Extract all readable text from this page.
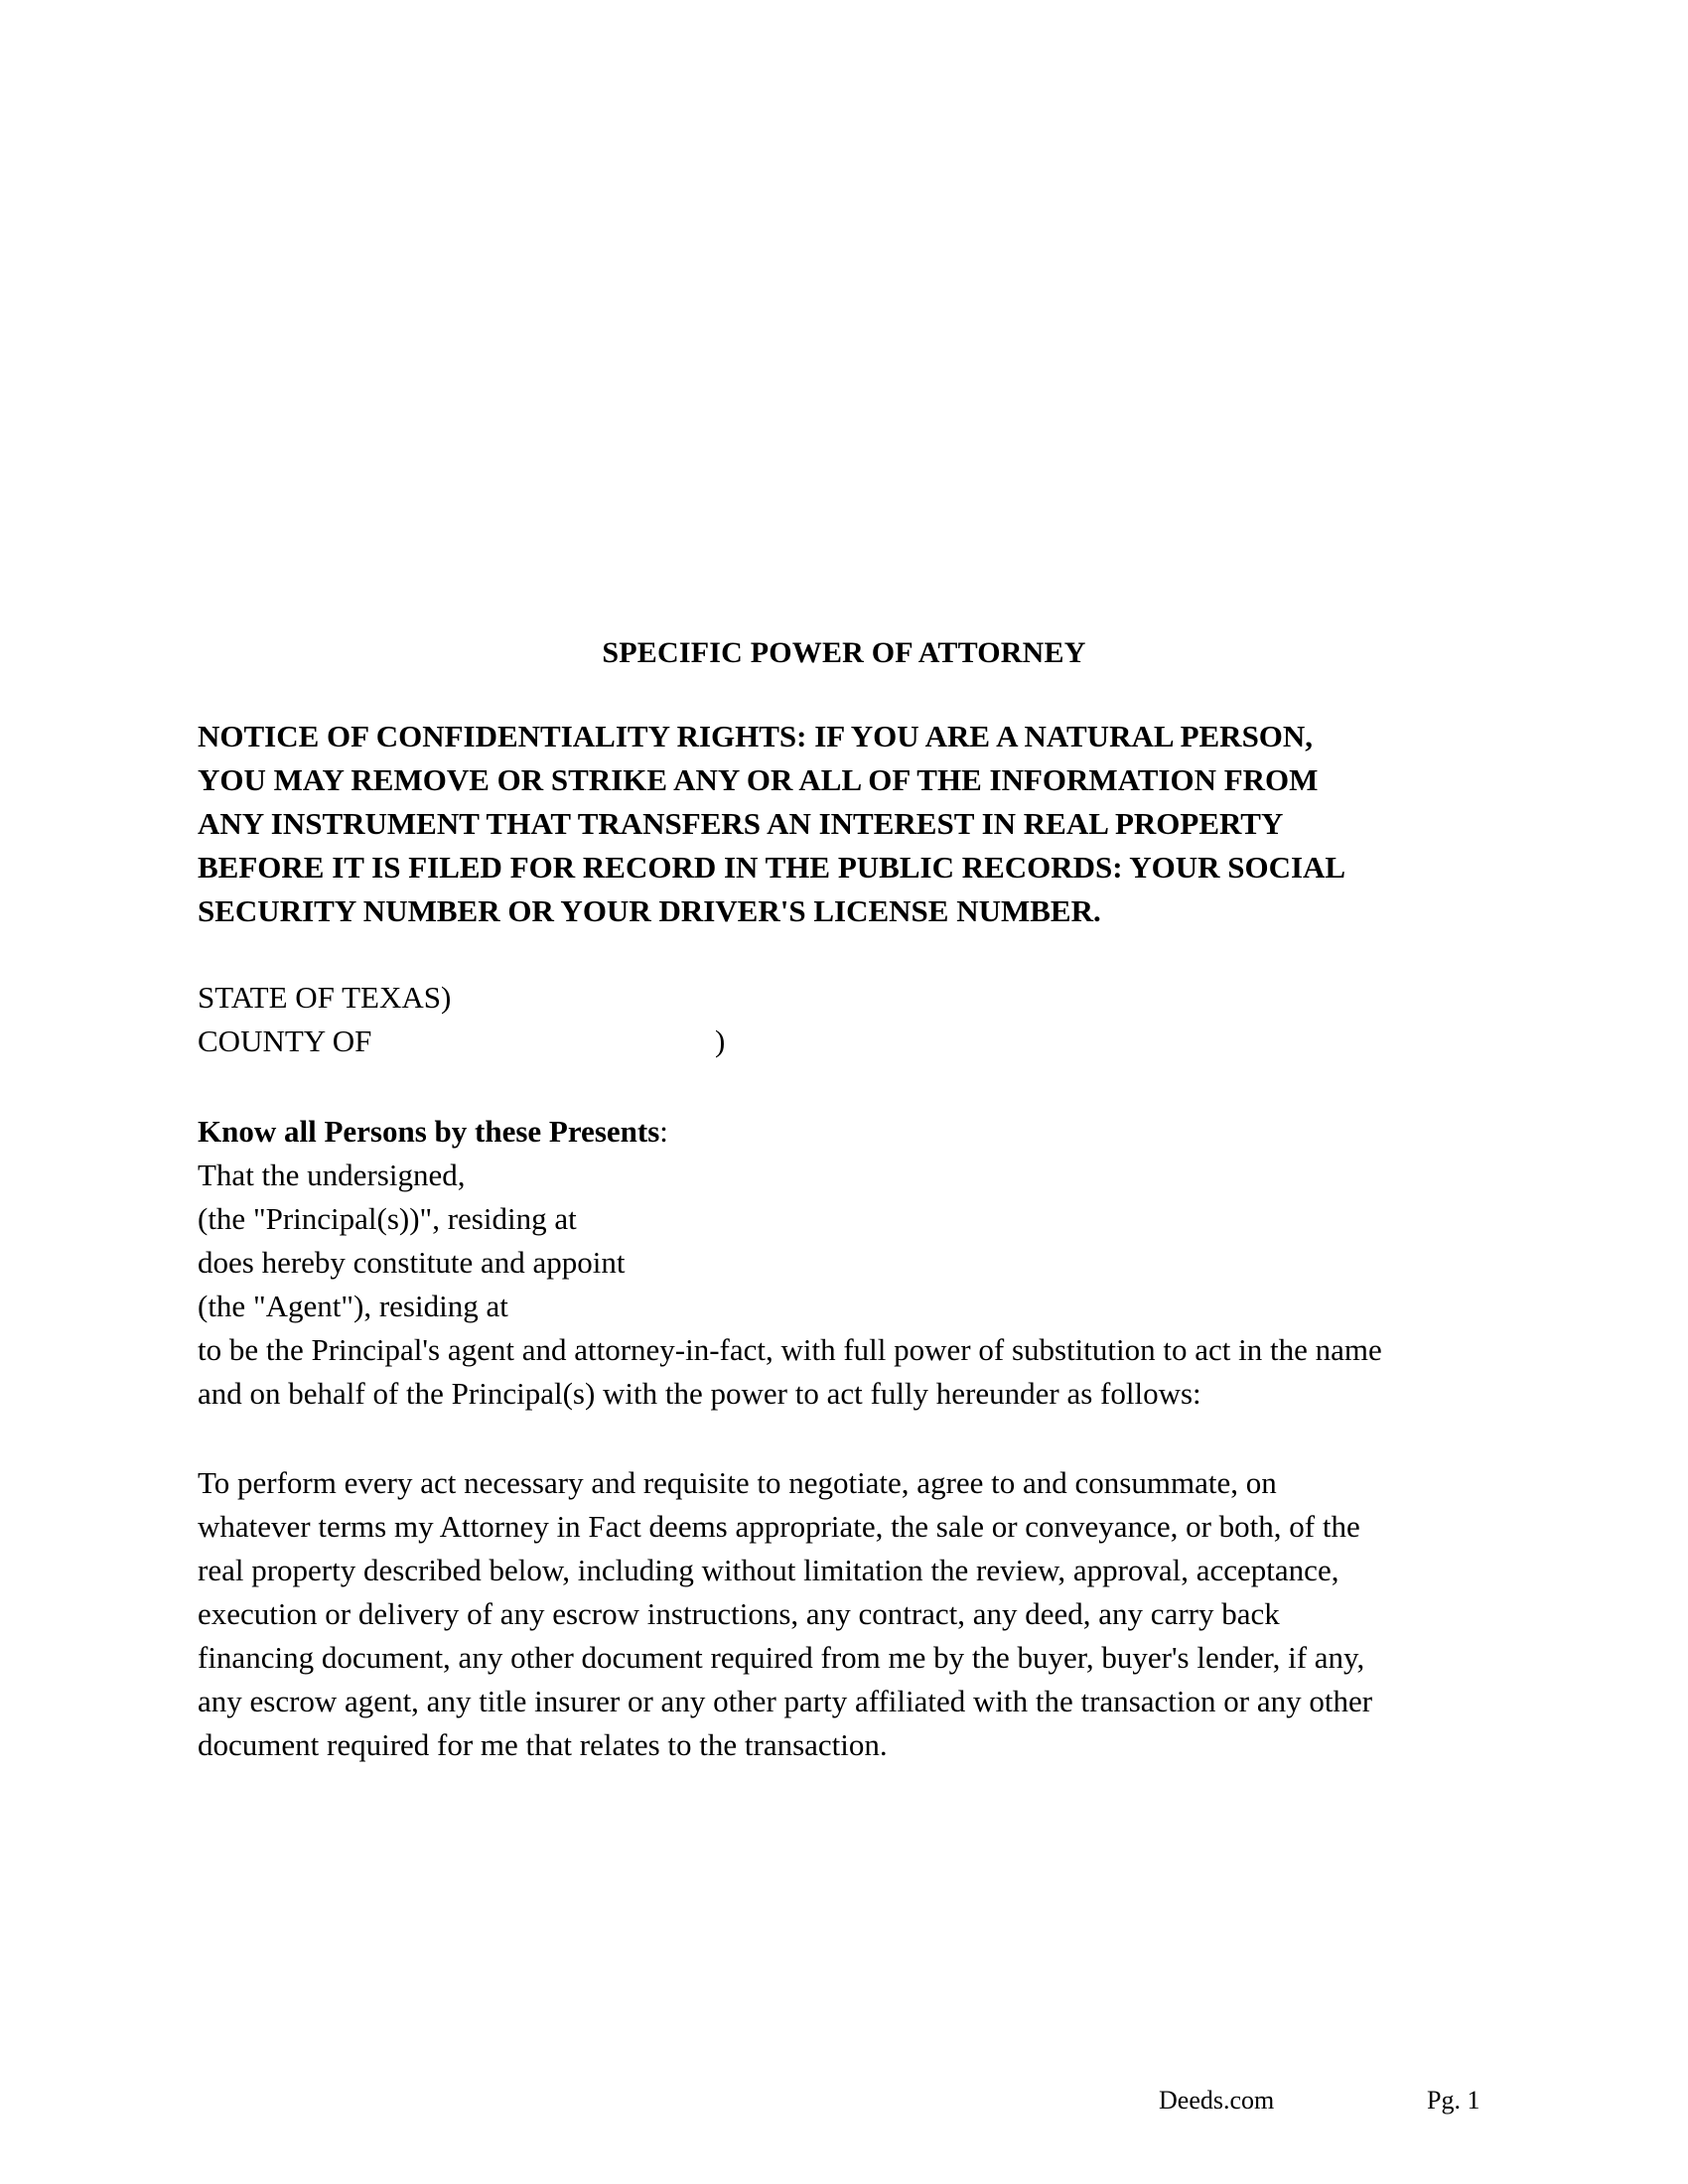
SPECIFIC POWER OF ATTORNEY
NOTICE OF CONFIDENTIALITY RIGHTS: IF YOU ARE A NATURAL PERSON,
YOU MAY REMOVE OR STRIKE ANY OR ALL OF THE INFORMATION FROM
ANY INSTRUMENT THAT TRANSFERS AN INTEREST IN REAL PROPERTY
BEFORE IT IS FILED FOR RECORD IN THE PUBLIC RECORDS: YOUR SOCIAL
SECURITY NUMBER OR YOUR DRIVER'S LICENSE NUMBER.
STATE OF TEXAS)
COUNTY OF	)
Know all Persons by these Presents:
That the undersigned,
(the "Principal(s))", residing at
does hereby constitute and appoint
(the "Agent"), residing at
to be the Principal's agent and attorney-in-fact, with full power of substitution to act in the name
and on behalf of the Principal(s) with the power to act fully hereunder as follows:
To perform every act necessary and requisite to negotiate, agree to and consummate, on
whatever terms my Attorney in Fact deems appropriate, the sale or conveyance, or both, of the
real property described below, including without limitation the review, approval, acceptance,
execution or delivery of any escrow instructions, any contract, any deed, any carry back
financing document, any other document required from me by the buyer, buyer's lender, if any,
any escrow agent, any title insurer or any other party affiliated with the transaction or any other
document required for me that relates to the transaction.
Deeds.com	Pg. 1
